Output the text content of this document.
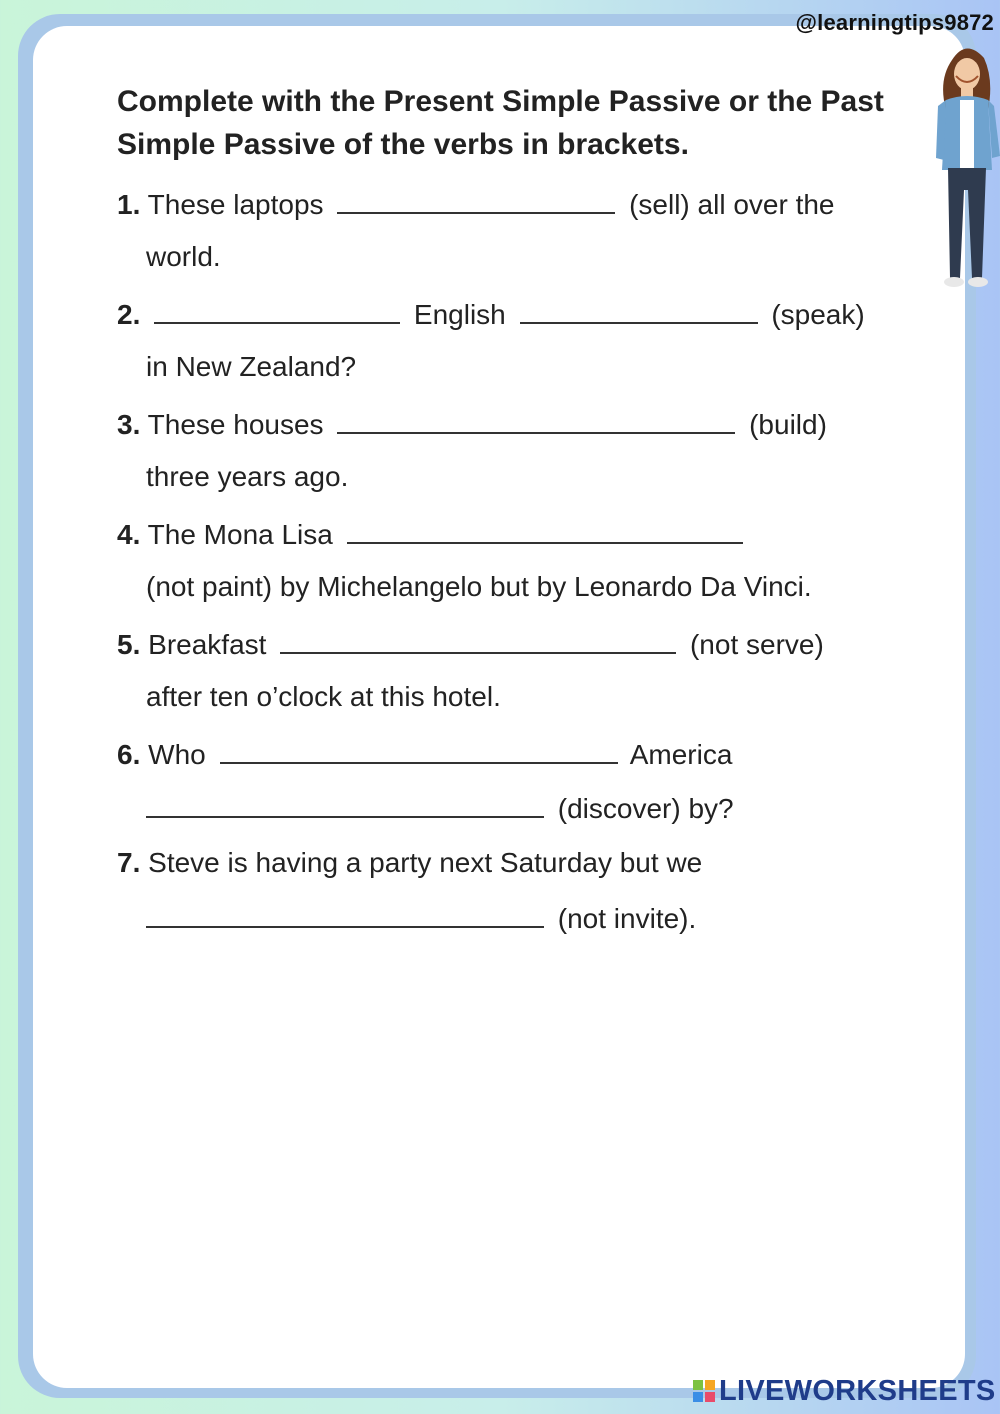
@learningtips9872
Complete with the Present Simple Passive or the Past Simple Passive of the verbs in brackets.
1. These laptops	(sell) all over the
world.
2.	English	(speak)
in New Zealand?
3. These houses	(build)
three years ago.
4. The Mona Lisa
(not paint) by Michelangelo but by Leonardo Da Vinci.
5. Breakfast	(not serve)
after ten o’clock at this hotel.
6. Who	America
(discover) by?
7. Steve is having a party next Saturday but we
(not invite).
LIVEWORKSHEETS
